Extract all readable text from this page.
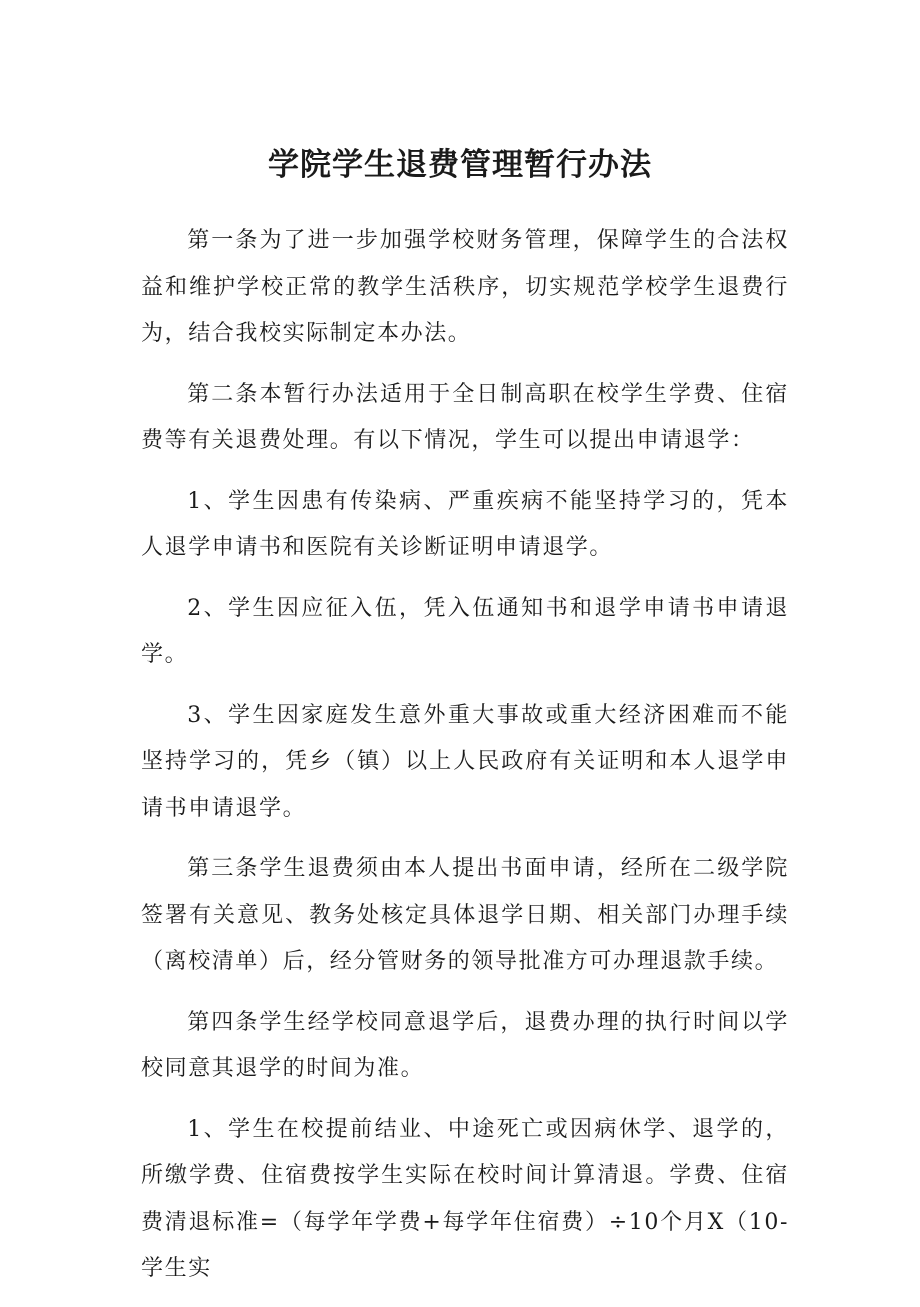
学院学生退费管理暂行办法

第一条为了进一步加强学校财务管理，保障学生的合法权益和维护学校正常的教学生活秩序，切实规范学校学生退费行为，结合我校实际制定本办法。

第二条本暂行办法适用于全日制高职在校学生学费、住宿费等有关退费处理。有以下情况，学生可以提出申请退学：

1、学生因患有传染病、严重疾病不能坚持学习的，凭本人退学申请书和医院有关诊断证明申请退学。

2、学生因应征入伍，凭入伍通知书和退学申请书申请退学。

3、学生因家庭发生意外重大事故或重大经济困难而不能坚持学习的，凭乡（镇）以上人民政府有关证明和本人退学申请书申请退学。

第三条学生退费须由本人提出书面申请，经所在二级学院签署有关意见、教务处核定具体退学日期、相关部门办理手续（离校清单）后，经分管财务的领导批准方可办理退款手续。

第四条学生经学校同意退学后，退费办理的执行时间以学校同意其退学的时间为准。

1、学生在校提前结业、中途死亡或因病休学、退学的，所缴学费、住宿费按学生实际在校时间计算清退。学费、住宿费清退标准=（每学年学费+每学年住宿费）÷10个月X（10-学生实
